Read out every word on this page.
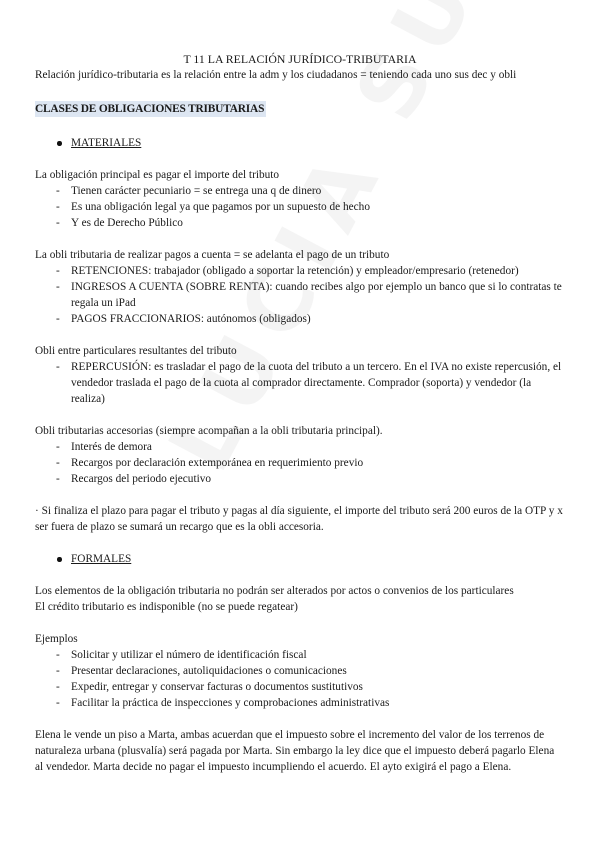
T 11 LA RELACIÓN JURÍDICO-TRIBUTARIA

Relación jurídico-tributaria es la relación entre la adm y los ciudadanos = teniendo cada uno sus dec y obli

CLASES DE OBLIGACIONES TRIBUTARIAS

MATERIALES

La obligación principal es pagar el importe del tributo

- Tienen carácter pecuniario = se entrega una q de dinero
- Es una obligación legal ya que pagamos por un supuesto de hecho
- Y es de Derecho Público

La obli tributaria de realizar pagos a cuenta = se adelanta el pago de un tributo

- RETENCIONES: trabajador (obligado a soportar la retención) y empleador/empresario (retenedor)
- INGRESOS A CUENTA (SOBRE RENTA): cuando recibes algo por ejemplo un banco que si lo contratas te regala un iPad
- PAGOS FRACCIONARIOS: autónomos (obligados)

Obli entre particulares resultantes del tributo

- REPERCUSIÓN: es trasladar el pago de la cuota del tributo a un tercero. En el IVA no existe repercusión, el vendedor traslada el pago de la cuota al comprador directamente. Comprador (soporta) y vendedor (la realiza)

Obli tributarias accesorias (siempre acompañan a la obli tributaria principal).

- Interés de demora
- Recargos por declaración extemporánea en requerimiento previo
- Recargos del periodo ejecutivo

· Si finaliza el plazo para pagar el tributo y pagas al día siguiente, el importe del tributo será 200 euros de la OTP y x ser fuera de plazo se sumará un recargo que es la obli accesoria.

FORMALES

Los elementos de la obligación tributaria no podrán ser alterados por actos o convenios de los particulares

El crédito tributario es indisponible (no se puede regatear)

Ejemplos

- Solicitar y utilizar el número de identificación fiscal
- Presentar declaraciones, autoliquidaciones o comunicaciones
- Expedir, entregar y conservar facturas o documentos sustitutivos
- Facilitar la práctica de inspecciones y comprobaciones administrativas

Elena le vende un piso a Marta, ambas acuerdan que el impuesto sobre el incremento del valor de los terrenos de naturaleza urbana (plusvalía) será pagada por Marta. Sin embargo la ley dice que el impuesto deberá pagarlo Elena al vendedor. Marta decide no pagar el impuesto incumpliendo el acuerdo. El ayto exigirá el pago a Elena.
